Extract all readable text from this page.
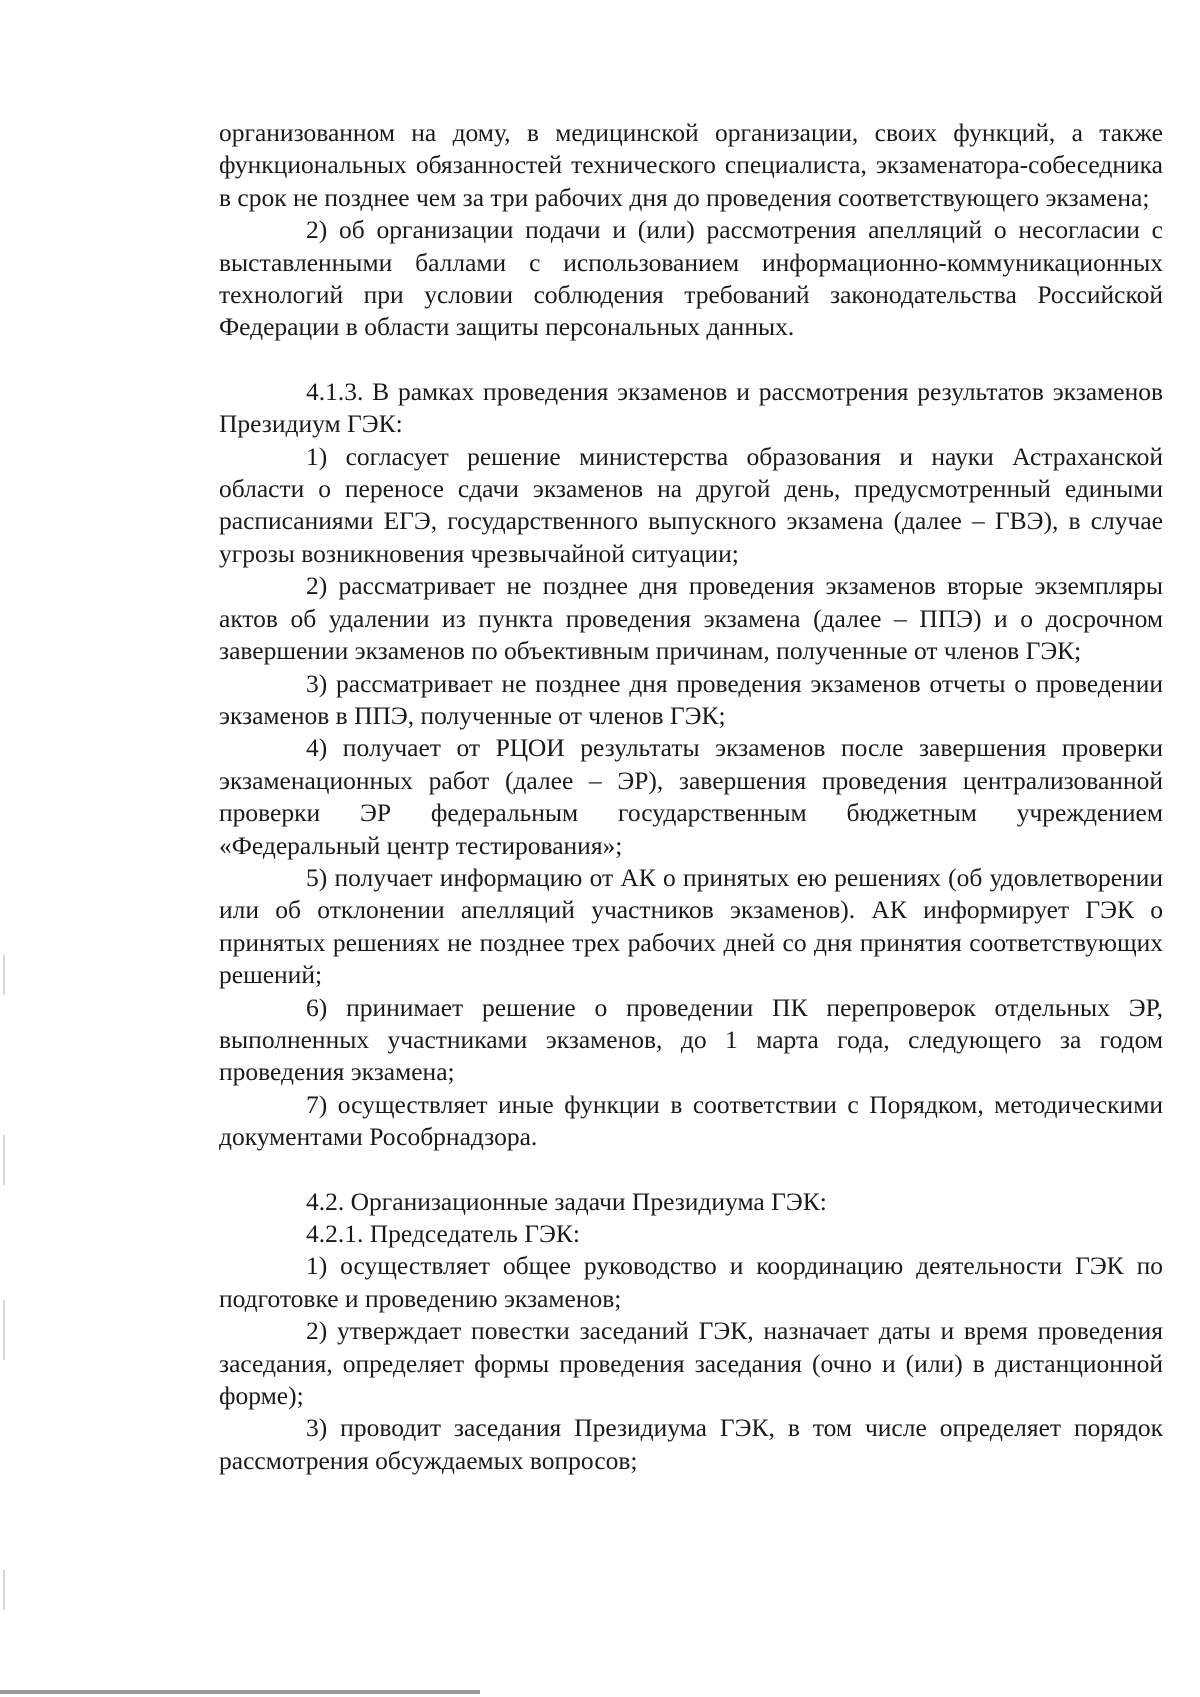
организованном на дому, в медицинской организации, своих функций, а также функциональных обязанностей технического специалиста, экзаменатора-собеседника в срок не позднее чем за три рабочих дня до проведения соответствующего экзамена;

2) об организации подачи и (или) рассмотрения апелляций о несогласии с выставленными баллами с использованием информационно-коммуникационных технологий при условии соблюдения требований законодательства Российской Федерации в области защиты персональных данных.

4.1.3. В рамках проведения экзаменов и рассмотрения результатов экзаменов Президиум ГЭК:

1) согласует решение министерства образования и науки Астраханской области о переносе сдачи экзаменов на другой день, предусмотренный едиными расписаниями ЕГЭ, государственного выпускного экзамена (далее – ГВЭ), в случае угрозы возникновения чрезвычайной ситуации;

2) рассматривает не позднее дня проведения экзаменов вторые экземпляры актов об удалении из пункта проведения экзамена (далее – ППЭ) и о досрочном завершении экзаменов по объективным причинам, полученные от членов ГЭК;

3) рассматривает не позднее дня проведения экзаменов отчеты о проведении экзаменов в ППЭ, полученные от членов ГЭК;

4) получает от РЦОИ результаты экзаменов после завершения проверки экзаменационных работ (далее – ЭР), завершения проведения централизованной проверки ЭР федеральным государственным бюджетным учреждением «Федеральный центр тестирования»;

5) получает информацию от АК о принятых ею решениях (об удовлетворении или об отклонении апелляций участников экзаменов). АК информирует ГЭК о принятых решениях не позднее трех рабочих дней со дня принятия соответствующих решений;

6) принимает решение о проведении ПК перепроверок отдельных ЭР, выполненных участниками экзаменов, до 1 марта года, следующего за годом проведения экзамена;

7) осуществляет иные функции в соответствии с Порядком, методическими документами Рособрнадзора.

4.2. Организационные задачи Президиума ГЭК:

4.2.1. Председатель ГЭК:

1) осуществляет общее руководство и координацию деятельности ГЭК по подготовке и проведению экзаменов;

2) утверждает повестки заседаний ГЭК, назначает даты и время проведения заседания, определяет формы проведения заседания (очно и (или) в дистанционной форме);

3) проводит заседания Президиума ГЭК, в том числе определяет порядок рассмотрения обсуждаемых вопросов;
